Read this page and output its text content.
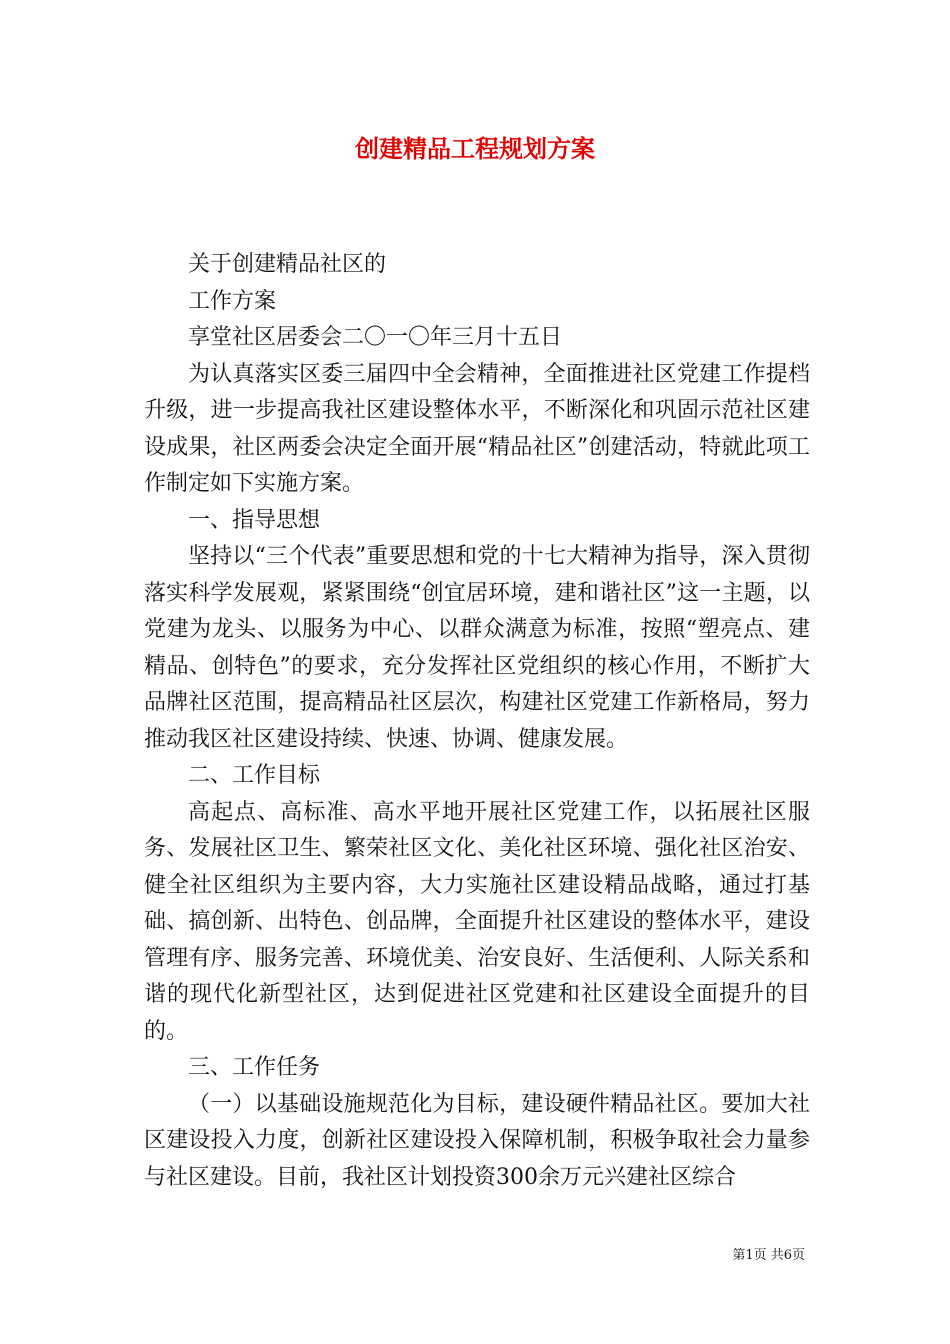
创建精品工程规划方案

关于创建精品社区的

工作方案

享堂社区居委会二〇一〇年三月十五日

为认真落实区委三届四中全会精神，全面推进社区党建工作提档升级，进一步提高我社区建设整体水平，不断深化和巩固示范社区建设成果，社区两委会决定全面开展“精品社区”创建活动，特就此项工作制定如下实施方案。

一、指导思想

坚持以“三个代表”重要思想和党的十七大精神为指导，深入贯彻落实科学发展观，紧紧围绕“创宜居环境，建和谐社区”这一主题，以党建为龙头、以服务为中心、以群众满意为标准，按照“塑亮点、建精品、创特色”的要求，充分发挥社区党组织的核心作用，不断扩大品牌社区范围，提高精品社区层次，构建社区党建工作新格局，努力推动我区社区建设持续、快速、协调、健康发展。

二、工作目标

高起点、高标准、高水平地开展社区党建工作，以拓展社区服务、发展社区卫生、繁荣社区文化、美化社区环境、强化社区治安、健全社区组织为主要内容，大力实施社区建设精品战略，通过打基础、搞创新、出特色、创品牌，全面提升社区建设的整体水平，建设管理有序、服务完善、环境优美、治安良好、生活便利、人际关系和谐的现代化新型社区，达到促进社区党建和社区建设全面提升的目的。

三、工作任务

（一）以基础设施规范化为目标，建设硬件精品社区。要加大社区建设投入力度，创新社区建设投入保障机制，积极争取社会力量参与社区建设。目前，我社区计划投资300余万元兴建社区综合

第1页 共6页
